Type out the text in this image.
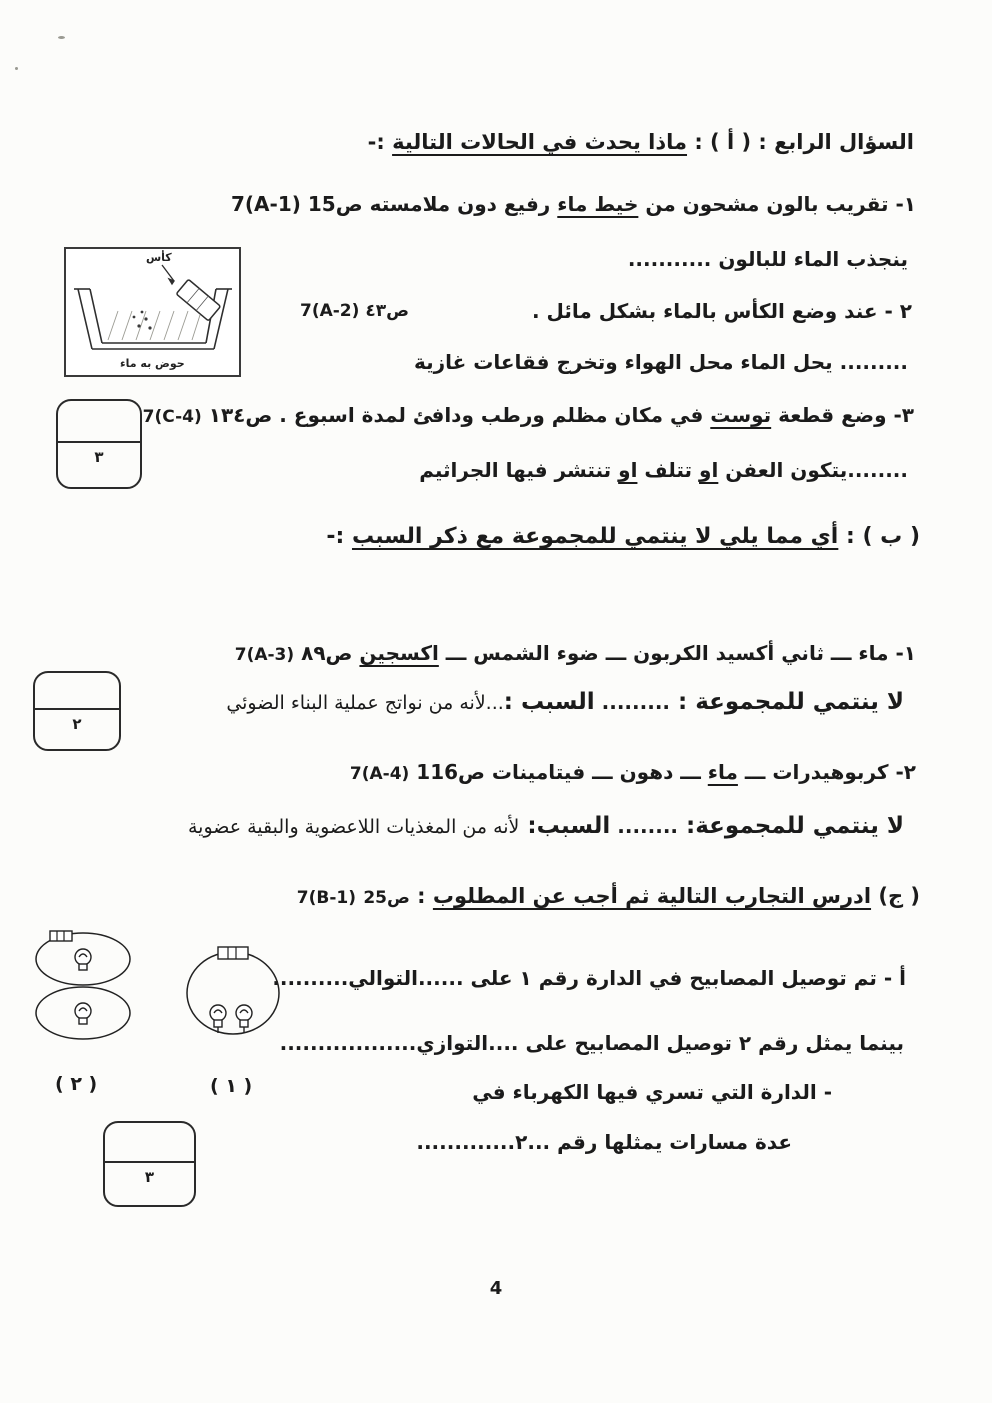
السؤال الرابع : ( أ ) : ماذا يحدث في الحالات التالية :-
١- تقريب بالون مشحون من خيط ماء رفيع دون ملامسته ص15 7(A-1)
ينجذب الماء للبالون ...........
٢ - عند وضع الكأس بالماء بشكل مائل .
ص٤٣ 7(A-2)
......... يحل الماء محل الهواء وتخرج فقاعات غازية
٣- وضع قطعة توست في مكان مظلم ورطب ودافئ لمدة اسبوع . ص١٣٤ 7(C-4)
........يتكون العفن او تتلف او تنتشر فيها الجراثيم
( ب ) : أي مما يلي لا ينتمي للمجموعة مع ذكر السبب :-
١- ماء ـــ ثاني أكسيد الكربون ـــ ضوء الشمس ـــ اكسجين ص٨٩ 7(A-3)
لا ينتمي للمجموعة : ......... السبب :...لأنه من نواتج عملية البناء الضوئي
٢- كربوهيدرات ـــ ماء ـــ دهون ـــ فيتامينات ص116 7(A-4)
لا ينتمي للمجموعة: ........ السبب: لأنه من المغذيات اللاعضوية والبقية عضوية
( ج) ادرس التجارب التالية ثم أجب عن المطلوب : ص25 7(B-1)
أ - تم توصيل المصابيح في الدارة رقم ١ على ......التوالي..........
بينما يمثل رقم ٢ توصيل المصابيح على ....التوازي..................
- الدارة التي تسري فيها الكهرباء في
عدة مسارات يمثلها رقم ...٢.............
كأس
حوض به ماء
٣
٢
٣
( ٢ )	( ١ )
4
